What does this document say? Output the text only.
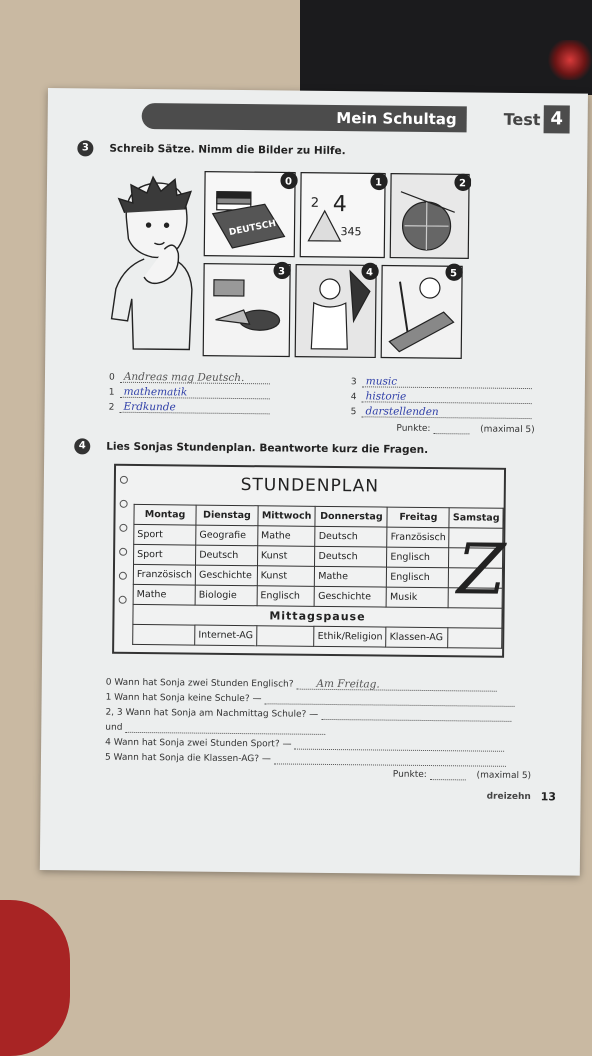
Mein Schultag	Test 4
3	Schreib Sätze. Nimm die Bilder zu Hilfe.
DEUTSCH
0
2 4
345
1	2
3	4	5
0 Andreas mag Deutsch.
1 mathematik
2 Erdkunde
3 music
4 historie
5 darstellenden
Punkte:	(maximal 5)
4	Lies Sonjas Stundenplan. Beantworte kurz die Fragen.
STUNDENPLAN
Montag	Dienstag	Mittwoch	Donnerstag	Freitag	Samstag
Sport	Geografie	Mathe	Deutsch	Französisch	
Sport	Deutsch	Kunst	Deutsch	Englisch	
Französisch	Geschichte	Kunst	Mathe	Englisch	
Mathe	Biologie	Englisch	Geschichte	Musik	
Mittagspause					
	Internet-AG		Ethik/Religion	Klassen-AG	
Z
0 Wann hat Sonja zwei Stunden Englisch? Am Freitag.
1 Wann hat Sonja keine Schule? —
2, 3 Wann hat Sonja am Nachmittag Schule? —
und
4 Wann hat Sonja zwei Stunden Sport? —
5 Wann hat Sonja die Klassen-AG? —
Punkte:	(maximal 5)
dreizehn 13
